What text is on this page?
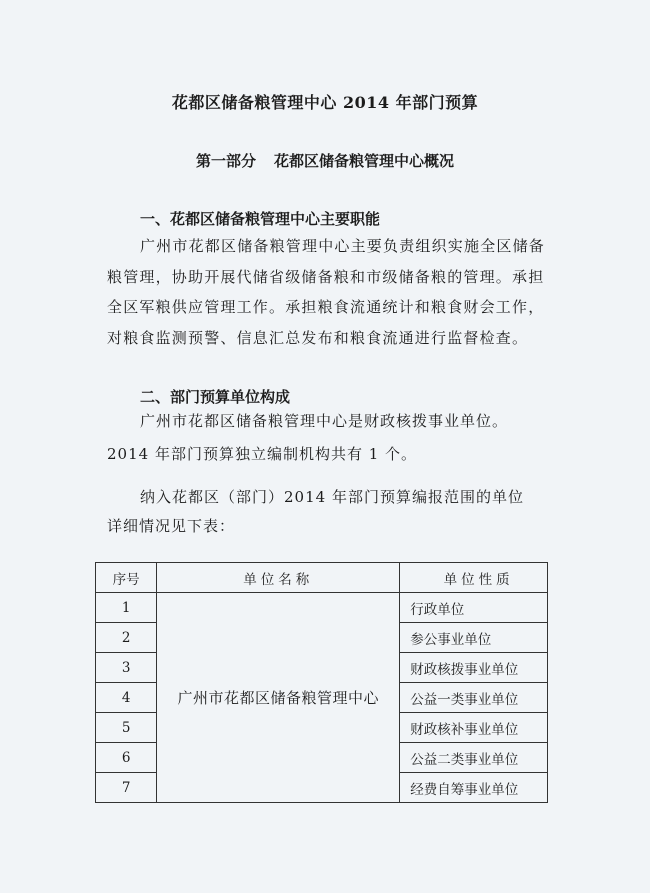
花都区储备粮管理中心 2014 年部门预算
第一部分 花都区储备粮管理中心概况
一、花都区储备粮管理中心主要职能
广州市花都区储备粮管理中心主要负责组织实施全区储备粮管理，协助开展代储省级储备粮和市级储备粮的管理。承担全区军粮供应管理工作。承担粮食流通统计和粮食财会工作，对粮食监测预警、信息汇总发布和粮食流通进行监督检查。
二、部门预算单位构成
广州市花都区储备粮管理中心是财政核拨事业单位。
2014 年部门预算独立编制机构共有 1 个。
纳入花都区（部门）2014 年部门预算编报范围的单位
详细情况见下表：
序号	单位名称	单位性质
1	广州市花都区储备粮管理中心	行政单位
2		参公事业单位
3		财政核拨事业单位
4		公益一类事业单位
5		财政核补事业单位
6		公益二类事业单位
7		经费自筹事业单位
